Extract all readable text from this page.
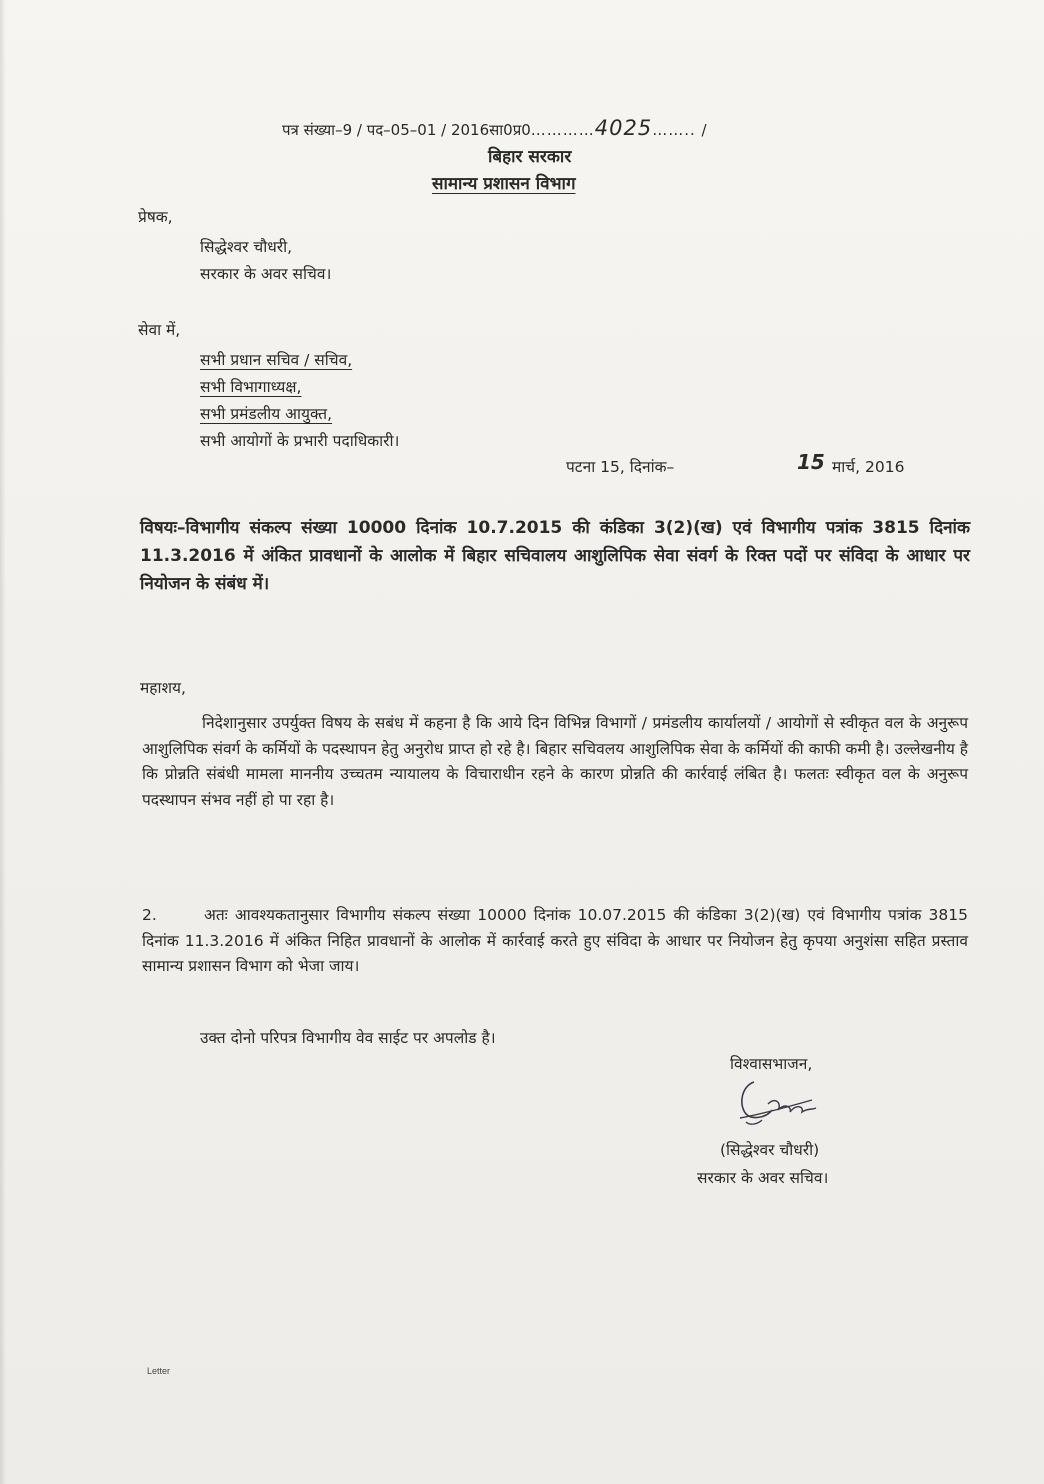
पत्र संख्या–9 / पद–05–01 / 2016सा0प्र0…………4025…….. /
बिहार सरकार
सामान्य प्रशासन विभाग
प्रेषक,
सिद्धेश्वर चौधरी,
सरकार के अवर सचिव।
सेवा में,
सभी प्रधान सचिव / सचिव,
सभी विभागाध्यक्ष,
सभी प्रमंडलीय आयुक्त,
सभी आयोगों के प्रभारी पदाधिकारी।
पटना 15, दिनांक–	15 मार्च, 2016
विषयः–विभागीय संकल्प संख्या 10000 दिनांक 10.7.2015 की कंडिका 3(2)(ख) एवं विभागीय पत्रांक 3815 दिनांक 11.3.2016 में अंकित प्रावधानों के आलोक में बिहार सचिवालय आशुलिपिक सेवा संवर्ग के रिक्त पदों पर संविदा के आधार पर नियोजन के संबंध में।
महाशय,
निदेशानुसार उपर्युक्त विषय के सबंध में कहना है कि आये दिन विभिन्न विभागों / प्रमंडलीय कार्यालयों / आयोगों से स्वीकृत वल के अनुरूप आशुलिपिक संवर्ग के कर्मियों के पदस्थापन हेतु अनुरोध प्राप्त हो रहे है। बिहार सचिवलय आशुलिपिक सेवा के कर्मियों की काफी कमी है। उल्लेखनीय है कि प्रोन्नति संबंधी मामला माननीय उच्चतम न्यायालय के विचाराधीन रहने के कारण प्रोन्नति की कार्रवाई लंबित है। फलतः स्वीकृत वल के अनुरूप पदस्थापन संभव नहीं हो पा रहा है।
2.	अतः आवश्यकतानुसार विभागीय संकल्प संख्या 10000 दिनांक 10.07.2015 की कंडिका 3(2)(ख) एवं विभागीय पत्रांक 3815 दिनांक 11.3.2016 में अंकित निहित प्रावधानों के आलोक में कार्रवाई करते हुए संविदा के आधार पर नियोजन हेतु कृपया अनुशंसा सहित प्रस्ताव सामान्य प्रशासन विभाग को भेजा जाय।
उक्त दोनो परिपत्र विभागीय वेव साईट पर अपलोड है।
विश्वासभाजन,
(सिद्धेश्वर चौधरी)
सरकार के अवर सचिव।
Letter
